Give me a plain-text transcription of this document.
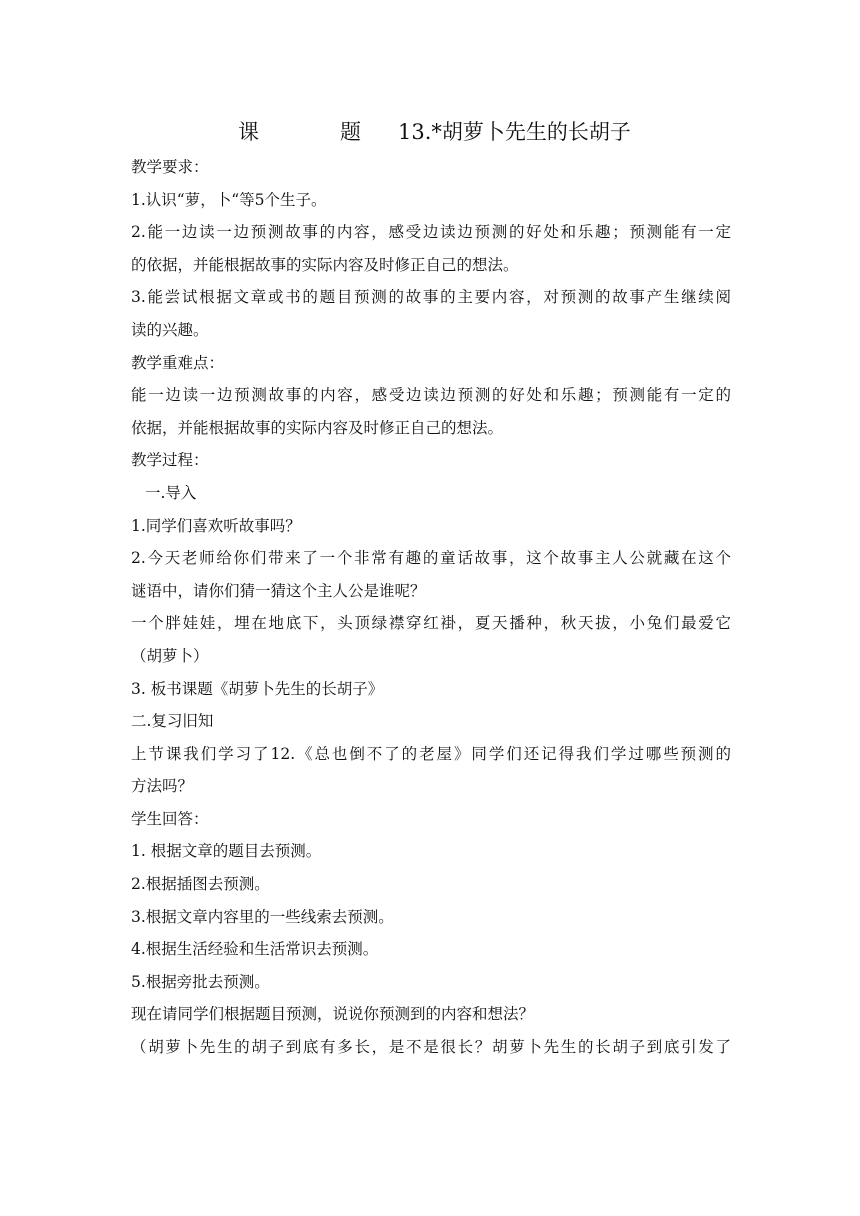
课	题 13.*胡萝卜先生的长胡子
教学要求：
1.认识“萝，卜“等5个生子。
2.能一边读一边预测故事的内容，感受边读边预测的好处和乐趣；预测能有一定
的依据，并能根据故事的实际内容及时修正自己的想法。
3.能尝试根据文章或书的题目预测的故事的主要内容，对预测的故事产生继续阅
读的兴趣。
教学重难点：
能一边读一边预测故事的内容，感受边读边预测的好处和乐趣；预测能有一定的
依据，并能根据故事的实际内容及时修正自己的想法。
教学过程：
一.导入
1.同学们喜欢听故事吗？
2.今天老师给你们带来了一个非常有趣的童话故事，这个故事主人公就藏在这个
谜语中，请你们猜一猜这个主人公是谁呢？
一个胖娃娃，埋在地底下，头顶绿襟穿红褂，夏天播种，秋天拔，小兔们最爱它
（胡萝卜）
3. 板书课题《胡萝卜先生的长胡子》
二.复习旧知
上节课我们学习了12.《总也倒不了的老屋》同学们还记得我们学过哪些预测的
方法吗？
学生回答：
1. 根据文章的题目去预测。
2.根据插图去预测。
3.根据文章内容里的一些线索去预测。
4.根据生活经验和生活常识去预测。
5.根据旁批去预测。
现在请同学们根据题目预测，说说你预测到的内容和想法？
（胡萝卜先生的胡子到底有多长，是不是很长？胡萝卜先生的长胡子到底引发了
